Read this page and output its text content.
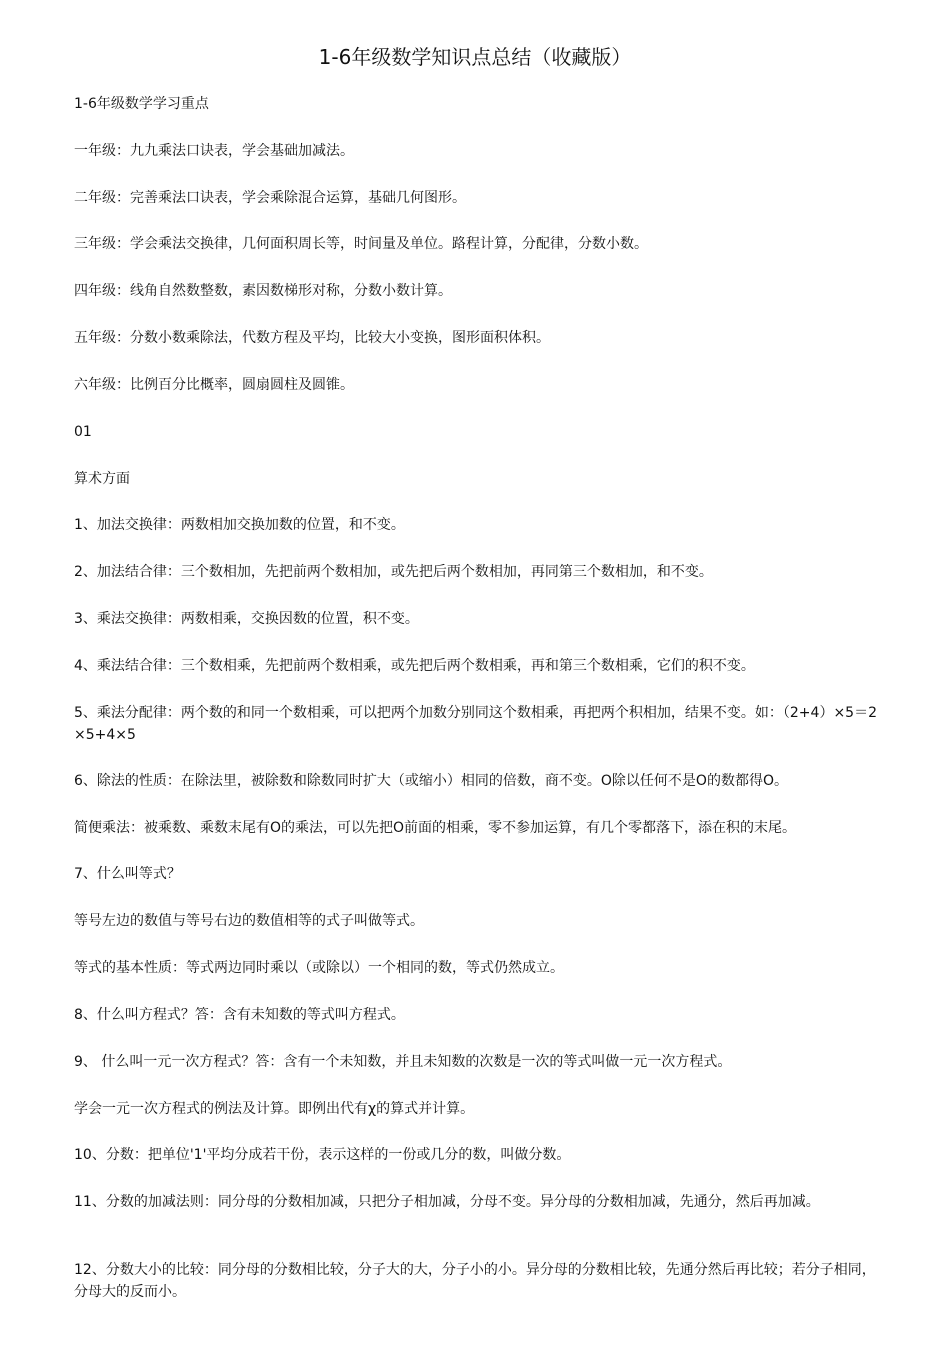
1-6年级数学知识点总结（收藏版）
1-6年级数学学习重点
一年级：九九乘法口诀表，学会基础加减法。
二年级：完善乘法口诀表，学会乘除混合运算，基础几何图形。
三年级：学会乘法交换律，几何面积周长等，时间量及单位。路程计算，分配律，分数小数。
四年级：线角自然数整数，素因数梯形对称，分数小数计算。
五年级：分数小数乘除法，代数方程及平均，比较大小变换，图形面积体积。
六年级：比例百分比概率，圆扇圆柱及圆锥。
01
算术方面
1、加法交换律：两数相加交换加数的位置，和不变。
2、加法结合律：三个数相加，先把前两个数相加，或先把后两个数相加，再同第三个数相加，和不变。
3、乘法交换律：两数相乘，交换因数的位置，积不变。
4、乘法结合律：三个数相乘，先把前两个数相乘，或先把后两个数相乘，再和第三个数相乘，它们的积不变。
5、乘法分配律：两个数的和同一个数相乘，可以把两个加数分别同这个数相乘，再把两个积相加，结果不变。如：（2+4）×5＝2×5+4×5
6、除法的性质：在除法里，被除数和除数同时扩大（或缩小）相同的倍数，商不变。O除以任何不是O的数都得O。
简便乘法：被乘数、乘数末尾有O的乘法，可以先把O前面的相乘，零不参加运算，有几个零都落下，添在积的末尾。
7、什么叫等式？
等号左边的数值与等号右边的数值相等的式子叫做等式。
等式的基本性质：等式两边同时乘以（或除以）一个相同的数，等式仍然成立。
8、什么叫方程式？答：含有未知数的等式叫方程式。
9、 什么叫一元一次方程式？答：含有一个未知数，并且未知数的次数是一次的等式叫做一元一次方程式。
学会一元一次方程式的例法及计算。即例出代有χ的算式并计算。
10、分数：把单位'1'平均分成若干份，表示这样的一份或几分的数，叫做分数。
11、分数的加减法则：同分母的分数相加减，只把分子相加减，分母不变。异分母的分数相加减，先通分，然后再加减。
12、分数大小的比较：同分母的分数相比较，分子大的大，分子小的小。异分母的分数相比较，先通分然后再比较；若分子相同，分母大的反而小。
